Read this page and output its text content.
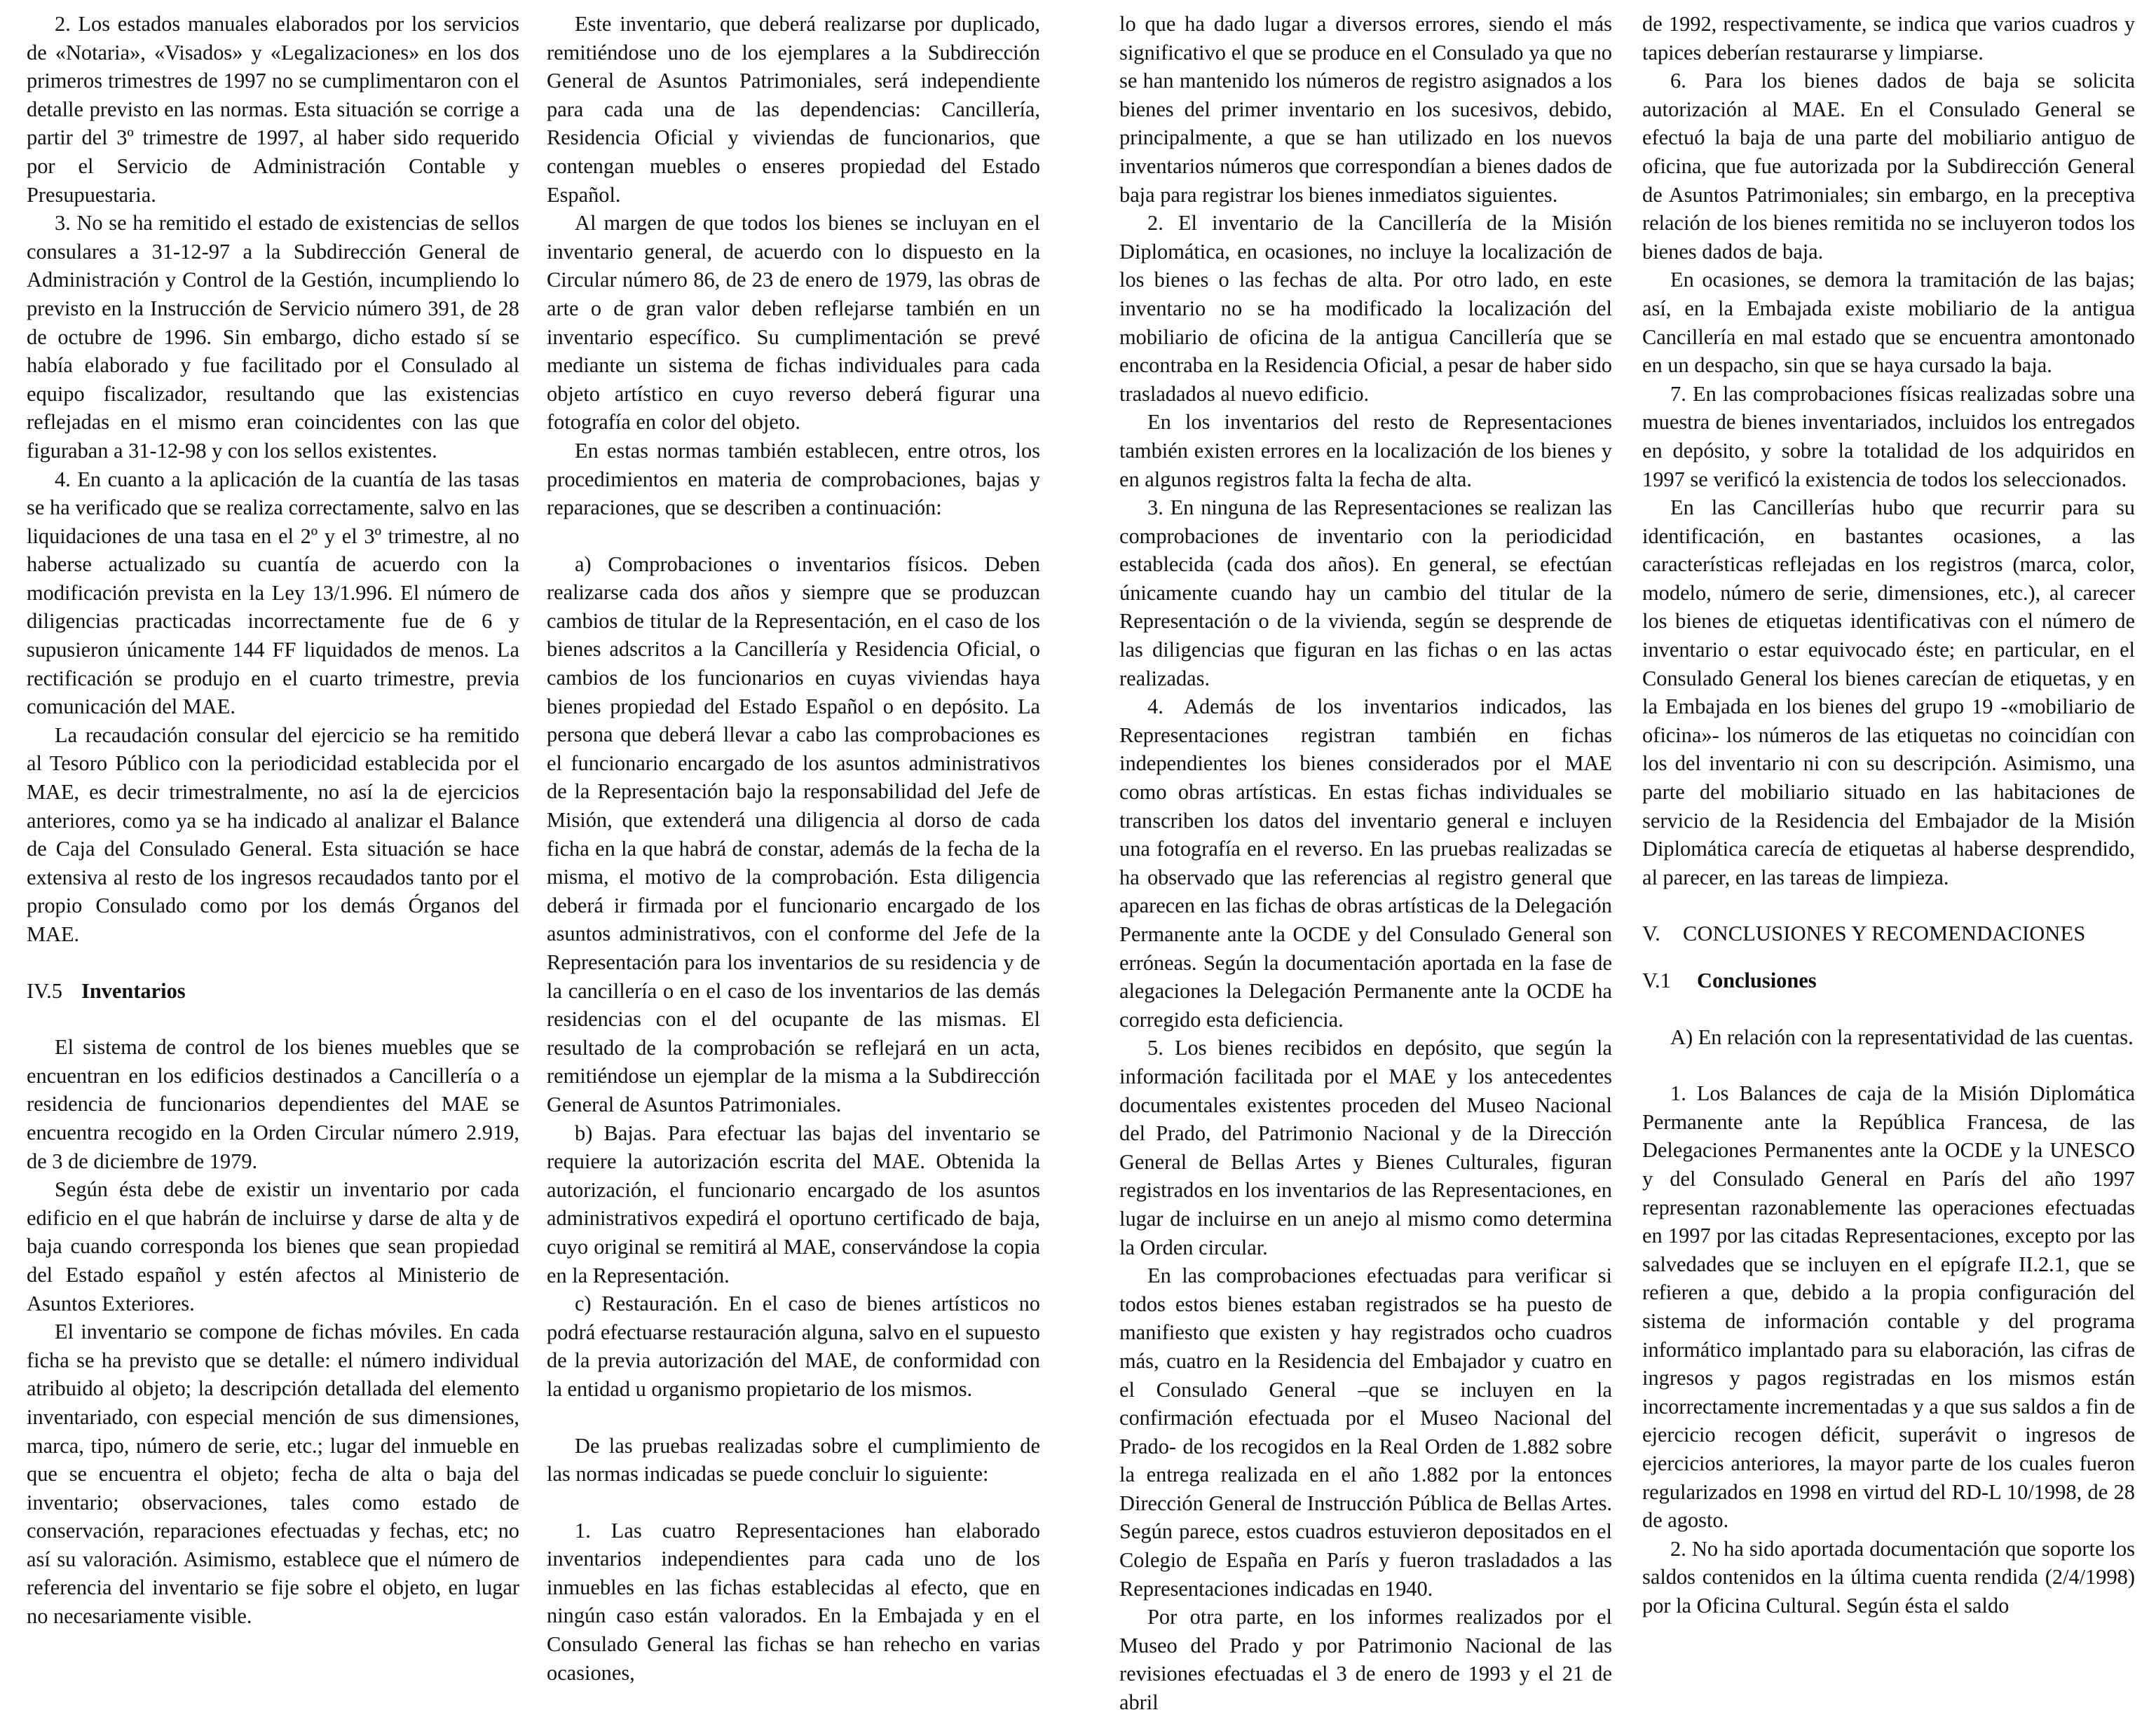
2. Los estados manuales elaborados por los servicios de «Notaria», «Visados» y «Legalizaciones» en los dos primeros trimestres de 1997 no se cumplimentaron con el detalle previsto en las normas. Esta situación se corrige a partir del 3º trimestre de 1997, al haber sido requerido por el Servicio de Administración Contable y Presupuestaria.

3. No se ha remitido el estado de existencias de sellos consulares a 31-12-97 a la Subdirección General de Administración y Control de la Gestión, incumpliendo lo previsto en la Instrucción de Servicio número 391, de 28 de octubre de 1996. Sin embargo, dicho estado sí se había elaborado y fue facilitado por el Consulado al equipo fiscalizador, resultando que las existencias reflejadas en el mismo eran coincidentes con las que figuraban a 31-12-98 y con los sellos existentes.

4. En cuanto a la aplicación de la cuantía de las tasas se ha verificado que se realiza correctamente, salvo en las liquidaciones de una tasa en el 2º y el 3º trimestre, al no haberse actualizado su cuantía de acuerdo con la modificación prevista en la Ley 13/1.996. El número de diligencias practicadas incorrectamente fue de 6 y supusieron únicamente 144 FF liquidados de menos. La rectificación se produjo en el cuarto trimestre, previa comunicación del MAE.

La recaudación consular del ejercicio se ha remitido al Tesoro Público con la periodicidad establecida por el MAE, es decir trimestralmente, no así la de ejercicios anteriores, como ya se ha indicado al analizar el Balance de Caja del Consulado General. Esta situación se hace extensiva al resto de los ingresos recaudados tanto por el propio Consulado como por los demás Órganos del MAE.

IV.5 Inventarios

El sistema de control de los bienes muebles que se encuentran en los edificios destinados a Cancillería o a residencia de funcionarios dependientes del MAE se encuentra recogido en la Orden Circular número 2.919, de 3 de diciembre de 1979.

Según ésta debe de existir un inventario por cada edificio en el que habrán de incluirse y darse de alta y de baja cuando corresponda los bienes que sean propiedad del Estado español y estén afectos al Ministerio de Asuntos Exteriores.

El inventario se compone de fichas móviles. En cada ficha se ha previsto que se detalle: el número individual atribuido al objeto; la descripción detallada del elemento inventariado, con especial mención de sus dimensiones, marca, tipo, número de serie, etc.; lugar del inmueble en que se encuentra el objeto; fecha de alta o baja del inventario; observaciones, tales como estado de conservación, reparaciones efectuadas y fechas, etc; no así su valoración. Asimismo, establece que el número de referencia del inventario se fije sobre el objeto, en lugar no necesariamente visible.

Este inventario, que deberá realizarse por duplicado, remitiéndose uno de los ejemplares a la Subdirección General de Asuntos Patrimoniales, será independiente para cada una de las dependencias: Cancillería, Residencia Oficial y viviendas de funcionarios, que contengan muebles o enseres propiedad del Estado Español.

Al margen de que todos los bienes se incluyan en el inventario general, de acuerdo con lo dispuesto en la Circular número 86, de 23 de enero de 1979, las obras de arte o de gran valor deben reflejarse también en un inventario específico. Su cumplimentación se prevé mediante un sistema de fichas individuales para cada objeto artístico en cuyo reverso deberá figurar una fotografía en color del objeto.

En estas normas también establecen, entre otros, los procedimientos en materia de comprobaciones, bajas y reparaciones, que se describen a continuación:

a) Comprobaciones o inventarios físicos. Deben realizarse cada dos años y siempre que se produzcan cambios de titular de la Representación, en el caso de los bienes adscritos a la Cancillería y Residencia Oficial, o cambios de los funcionarios en cuyas viviendas haya bienes propiedad del Estado Español o en depósito. La persona que deberá llevar a cabo las comprobaciones es el funcionario encargado de los asuntos administrativos de la Representación bajo la responsabilidad del Jefe de Misión, que extenderá una diligencia al dorso de cada ficha en la que habrá de constar, además de la fecha de la misma, el motivo de la comprobación. Esta diligencia deberá ir firmada por el funcionario encargado de los asuntos administrativos, con el conforme del Jefe de la Representación para los inventarios de su residencia y de la cancillería o en el caso de los inventarios de las demás residencias con el del ocupante de las mismas. El resultado de la comprobación se reflejará en un acta, remitiéndose un ejemplar de la misma a la Subdirección General de Asuntos Patrimoniales.

b) Bajas. Para efectuar las bajas del inventario se requiere la autorización escrita del MAE. Obtenida la autorización, el funcionario encargado de los asuntos administrativos expedirá el oportuno certificado de baja, cuyo original se remitirá al MAE, conservándose la copia en la Representación.

c) Restauración. En el caso de bienes artísticos no podrá efectuarse restauración alguna, salvo en el supuesto de la previa autorización del MAE, de conformidad con la entidad u organismo propietario de los mismos.

De las pruebas realizadas sobre el cumplimiento de las normas indicadas se puede concluir lo siguiente:

1. Las cuatro Representaciones han elaborado inventarios independientes para cada uno de los inmuebles en las fichas establecidas al efecto, que en ningún caso están valorados. En la Embajada y en el Consulado General las fichas se han rehecho en varias ocasiones,

lo que ha dado lugar a diversos errores, siendo el más significativo el que se produce en el Consulado ya que no se han mantenido los números de registro asignados a los bienes del primer inventario en los sucesivos, debido, principalmente, a que se han utilizado en los nuevos inventarios números que correspondían a bienes dados de baja para registrar los bienes inmediatos siguientes.

2. El inventario de la Cancillería de la Misión Diplomática, en ocasiones, no incluye la localización de los bienes o las fechas de alta. Por otro lado, en este inventario no se ha modificado la localización del mobiliario de oficina de la antigua Cancillería que se encontraba en la Residencia Oficial, a pesar de haber sido trasladados al nuevo edificio.

En los inventarios del resto de Representaciones también existen errores en la localización de los bienes y en algunos registros falta la fecha de alta.

3. En ninguna de las Representaciones se realizan las comprobaciones de inventario con la periodicidad establecida (cada dos años). En general, se efectúan únicamente cuando hay un cambio del titular de la Representación o de la vivienda, según se desprende de las diligencias que figuran en las fichas o en las actas realizadas.

4. Además de los inventarios indicados, las Representaciones registran también en fichas independientes los bienes considerados por el MAE como obras artísticas. En estas fichas individuales se transcriben los datos del inventario general e incluyen una fotografía en el reverso. En las pruebas realizadas se ha observado que las referencias al registro general que aparecen en las fichas de obras artísticas de la Delegación Permanente ante la OCDE y del Consulado General son erróneas. Según la documentación aportada en la fase de alegaciones la Delegación Permanente ante la OCDE ha corregido esta deficiencia.

5. Los bienes recibidos en depósito, que según la información facilitada por el MAE y los antecedentes documentales existentes proceden del Museo Nacional del Prado, del Patrimonio Nacional y de la Dirección General de Bellas Artes y Bienes Culturales, figuran registrados en los inventarios de las Representaciones, en lugar de incluirse en un anejo al mismo como determina la Orden circular.

En las comprobaciones efectuadas para verificar si todos estos bienes estaban registrados se ha puesto de manifiesto que existen y hay registrados ocho cuadros más, cuatro en la Residencia del Embajador y cuatro en el Consulado General –que se incluyen en la confirmación efectuada por el Museo Nacional del Prado- de los recogidos en la Real Orden de 1.882 sobre la entrega realizada en el año 1.882 por la entonces Dirección General de Instrucción Pública de Bellas Artes. Según parece, estos cuadros estuvieron depositados en el Colegio de España en París y fueron trasladados a las Representaciones indicadas en 1940.

Por otra parte, en los informes realizados por el Museo del Prado y por Patrimonio Nacional de las revisiones efectuadas el 3 de enero de 1993 y el 21 de abril

de 1992, respectivamente, se indica que varios cuadros y tapices deberían restaurarse y limpiarse.

6. Para los bienes dados de baja se solicita autorización al MAE. En el Consulado General se efectuó la baja de una parte del mobiliario antiguo de oficina, que fue autorizada por la Subdirección General de Asuntos Patrimoniales; sin embargo, en la preceptiva relación de los bienes remitida no se incluyeron todos los bienes dados de baja.

En ocasiones, se demora la tramitación de las bajas; así, en la Embajada existe mobiliario de la antigua Cancillería en mal estado que se encuentra amontonado en un despacho, sin que se haya cursado la baja.

7. En las comprobaciones físicas realizadas sobre una muestra de bienes inventariados, incluidos los entregados en depósito, y sobre la totalidad de los adquiridos en 1997 se verificó la existencia de todos los seleccionados.

En las Cancillerías hubo que recurrir para su identificación, en bastantes ocasiones, a las características reflejadas en los registros (marca, color, modelo, número de serie, dimensiones, etc.), al carecer los bienes de etiquetas identificativas con el número de inventario o estar equivocado éste; en particular, en el Consulado General los bienes carecían de etiquetas, y en la Embajada en los bienes del grupo 19 -«mobiliario de oficina»- los números de las etiquetas no coincidían con los del inventario ni con su descripción. Asimismo, una parte del mobiliario situado en las habitaciones de servicio de la Residencia del Embajador de la Misión Diplomática carecía de etiquetas al haberse desprendido, al parecer, en las tareas de limpieza.

V. CONCLUSIONES Y RECOMENDACIONES
V.1 Conclusiones

A) En relación con la representatividad de las cuentas.

1. Los Balances de caja de la Misión Diplomática Permanente ante la República Francesa, de las Delegaciones Permanentes ante la OCDE y la UNESCO y del Consulado General en París del año 1997 representan razonablemente las operaciones efectuadas en 1997 por las citadas Representaciones, excepto por las salvedades que se incluyen en el epígrafe II.2.1, que se refieren a que, debido a la propia configuración del sistema de información contable y del programa informático implantado para su elaboración, las cifras de ingresos y pagos registradas en los mismos están incorrectamente incrementadas y a que sus saldos a fin de ejercicio recogen déficit, superávit o ingresos de ejercicios anteriores, la mayor parte de los cuales fueron regularizados en 1998 en virtud del RD-L 10/1998, de 28 de agosto.

2. No ha sido aportada documentación que soporte los saldos contenidos en la última cuenta rendida (2/4/1998) por la Oficina Cultural. Según ésta el saldo
